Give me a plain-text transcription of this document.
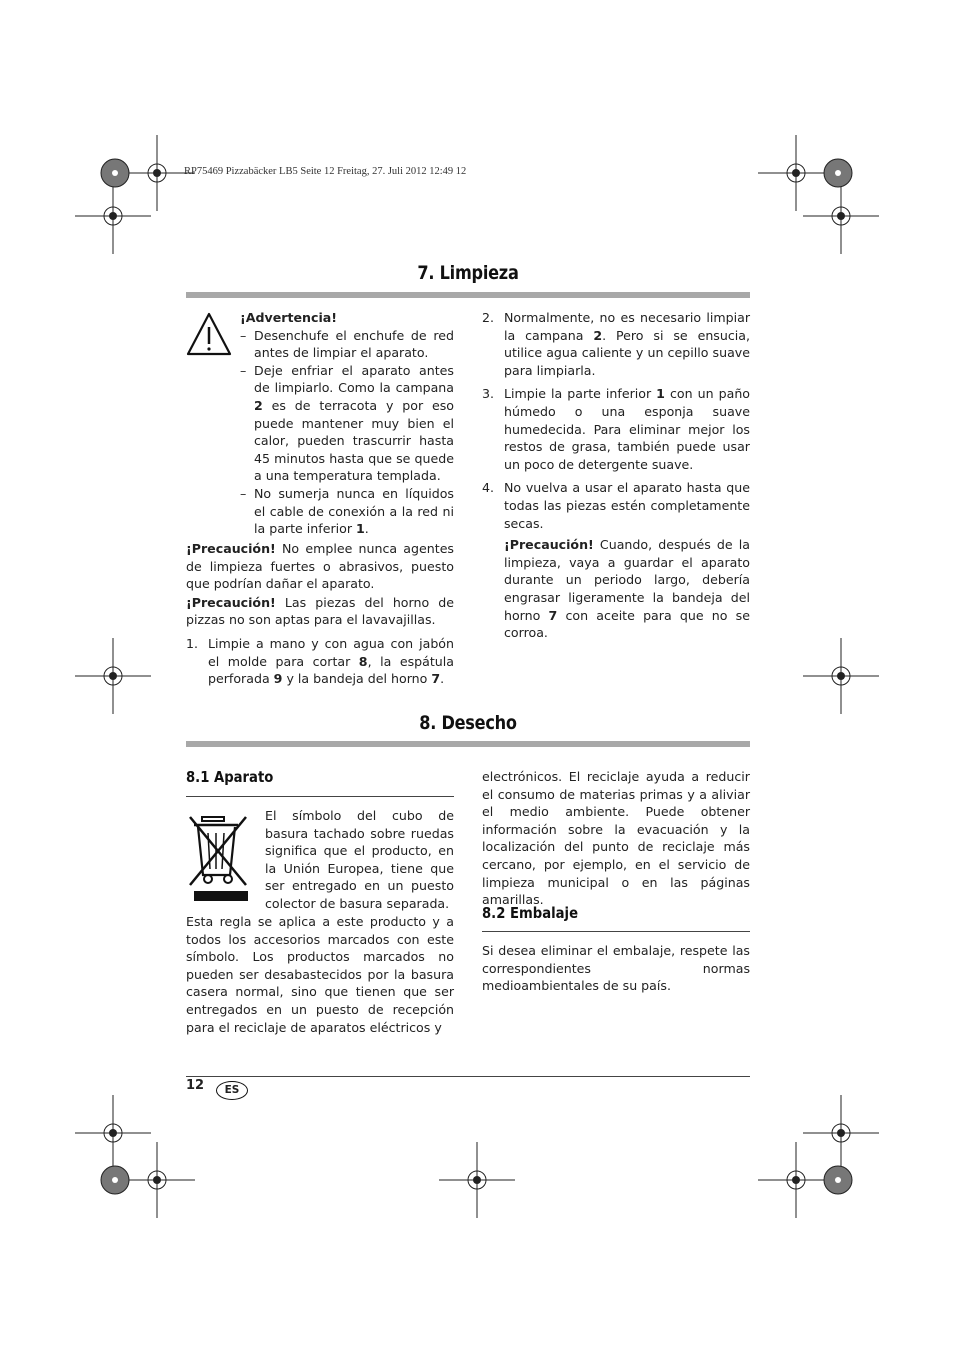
RP75469 Pizzabäcker LB5 Seite 12 Freitag, 27. Juli 2012 12:49 12
7. Limpieza

¡Advertencia!

– Desenchufe el enchufe de red antes de limpiar el aparato.

– Deje enfriar el aparato antes de limpiarlo. Como la campana 2 es de terracota y por eso puede mantener muy bien el calor, pueden trascurrir hasta 45 minutos hasta que se quede a una temperatura templada.

– No sumerja nunca en líquidos el cable de conexión a la red ni la parte inferior 1.

¡Precaución! No emplee nunca agentes de limpieza fuertes o abrasivos, puesto que podrían dañar el aparato.

¡Precaución! Las piezas del horno de pizzas no son aptas para el lavavajillas.

1. Limpie a mano y con agua con jabón el molde para cortar 8, la espátula perforada 9 y la bandeja del horno 7.

2. Normalmente, no es necesario limpiar la campana 2. Pero si se ensucia, utilice agua caliente y un cepillo suave para limpiarla.

3. Limpie la parte inferior 1 con un paño húmedo o una esponja suave humedecida. Para eliminar mejor los restos de grasa, también puede usar un poco de detergente suave.

4. No vuelva a usar el aparato hasta que todas las piezas estén completamente secas.

¡Precaución! Cuando, después de la limpieza, vaya a guardar el aparato durante un periodo largo, debería engrasar ligeramente la bandeja del horno 7 con aceite para que no se corroa.

8. Desecho
8.1 Aparato
El símbolo del cubo de basura tachado sobre ruedas significa que el producto, en la Unión Europea, tiene que ser entregado en un puesto colector de basura separada.
Esta regla se aplica a este producto y a todos los accesorios marcados con este símbolo. Los productos marcados no pueden ser desabastecidos por la basura casera normal, sino que tienen que ser entregados en un puesto de recepción para el reciclaje de aparatos eléctricos y
electrónicos. El reciclaje ayuda a reducir el consumo de materias primas y a aliviar el medio ambiente. Puede obtener información sobre la evacuación y la localización del punto de reciclaje más cercano, por ejemplo, en el servicio de limpieza municipal o en las páginas amarillas.
8.2 Embalaje
Si desea eliminar el embalaje, respete las correspondientes normas medioambientales de su país.
12	ES
